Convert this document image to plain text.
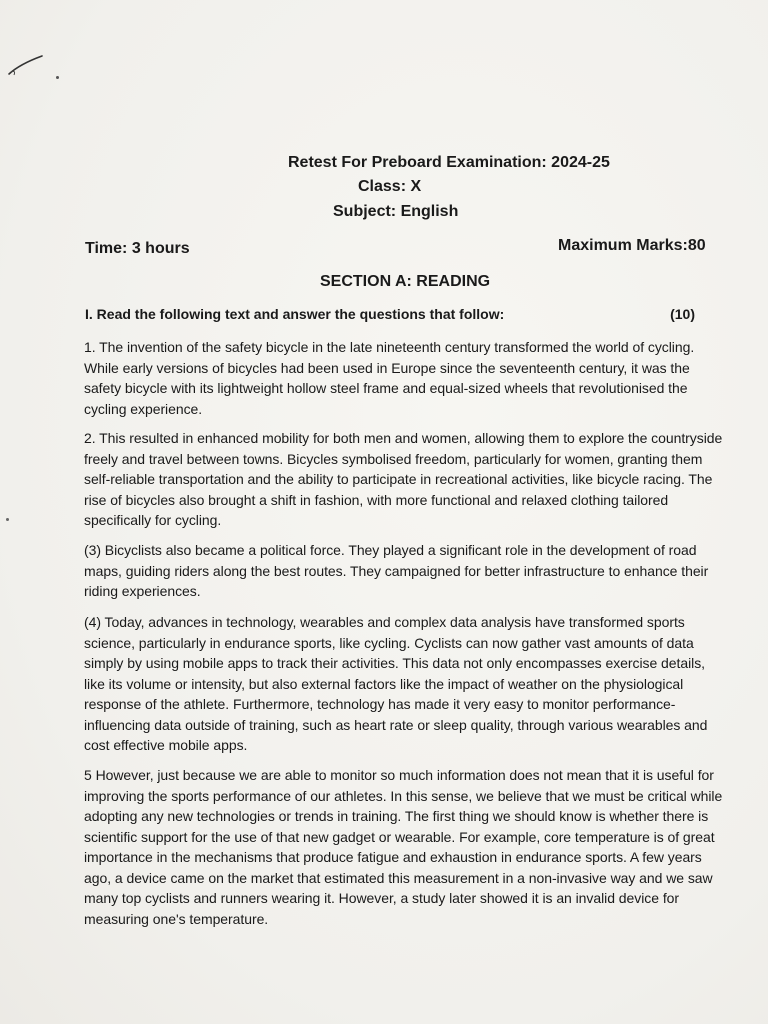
Retest For Preboard Examination: 2024-25
Class: X
Subject: English
Time: 3 hours	Maximum Marks:80
SECTION A: READING
I. Read the following text and answer the questions that follow:	(10)
1. The invention of the safety bicycle in the late nineteenth century transformed the world of cycling. While early versions of bicycles had been used in Europe since the seventeenth century, it was the safety bicycle with its lightweight hollow steel frame and equal-sized wheels that revolutionised the cycling experience.
2. This resulted in enhanced mobility for both men and women, allowing them to explore the countryside freely and travel between towns. Bicycles symbolised freedom, particularly for women, granting them self-reliable transportation and the ability to participate in recreational activities, like bicycle racing. The rise of bicycles also brought a shift in fashion, with more functional and relaxed clothing tailored specifically for cycling.
(3) Bicyclists also became a political force. They played a significant role in the development of road maps, guiding riders along the best routes. They campaigned for better infrastructure to enhance their riding experiences.
(4) Today, advances in technology, wearables and complex data analysis have transformed sports science, particularly in endurance sports, like cycling. Cyclists can now gather vast amounts of data simply by using mobile apps to track their activities. This data not only encompasses exercise details, like its volume or intensity, but also external factors like the impact of weather on the physiological response of the athlete. Furthermore, technology has made it very easy to monitor performance-influencing data outside of training, such as heart rate or sleep quality, through various wearables and cost effective mobile apps.
5 However, just because we are able to monitor so much information does not mean that it is useful for improving the sports performance of our athletes. In this sense, we believe that we must be critical while adopting any new technologies or trends in training. The first thing we should know is whether there is scientific support for the use of that new gadget or wearable. For example, core temperature is of great importance in the mechanisms that produce fatigue and exhaustion in endurance sports. A few years ago, a device came on the market that estimated this measurement in a non-invasive way and we saw many top cyclists and runners wearing it. However, a study later showed it is an invalid device for measuring one's temperature.
